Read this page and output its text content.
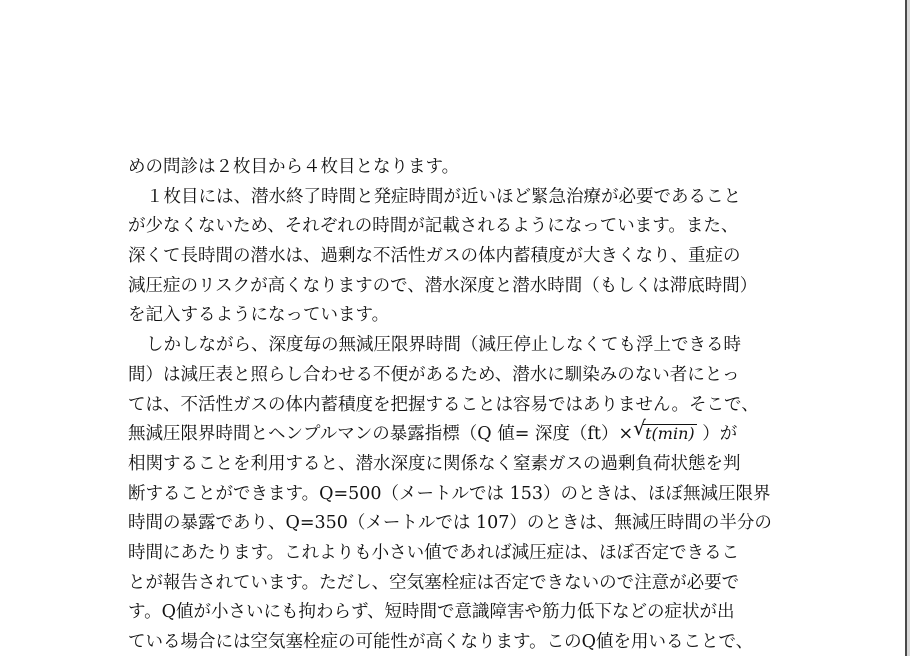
めの問診は２枚目から４枚目となります。
１枚目には、潜水終了時間と発症時間が近いほど緊急治療が必要であること
が少なくないため、それぞれの時間が記載されるようになっています。また、
深くて長時間の潜水は、過剰な不活性ガスの体内蓄積度が大きくなり、重症の
減圧症のリスクが高くなりますので、潜水深度と潜水時間（もしくは滞底時間）
を記入するようになっています。
しかしながら、深度毎の無減圧限界時間（減圧停止しなくても浮上できる時
間）は減圧表と照らし合わせる不便があるため、潜水に馴染みのない者にとっ
ては、不活性ガスの体内蓄積度を把握することは容易ではありません。そこで、
無減圧限界時間とヘンプルマンの暴露指標（Q 値= 深度（ft）× √ t(min) ）が
相関することを利用すると、潜水深度に関係なく窒素ガスの過剰負荷状態を判
断することができます。Q=500（メートルでは 153）のときは、ほぼ無減圧限界
時間の暴露であり、Q=350（メートルでは 107）のときは、無減圧時間の半分の
時間にあたります。これよりも小さい値であれば減圧症は、ほぼ否定できるこ
とが報告されています。ただし、空気塞栓症は否定できないので注意が必要で
す。Q値が小さいにも拘わらず、短時間で意識障害や筋力低下などの症状が出
ている場合には空気塞栓症の可能性が高くなります。このQ値を用いることで、
